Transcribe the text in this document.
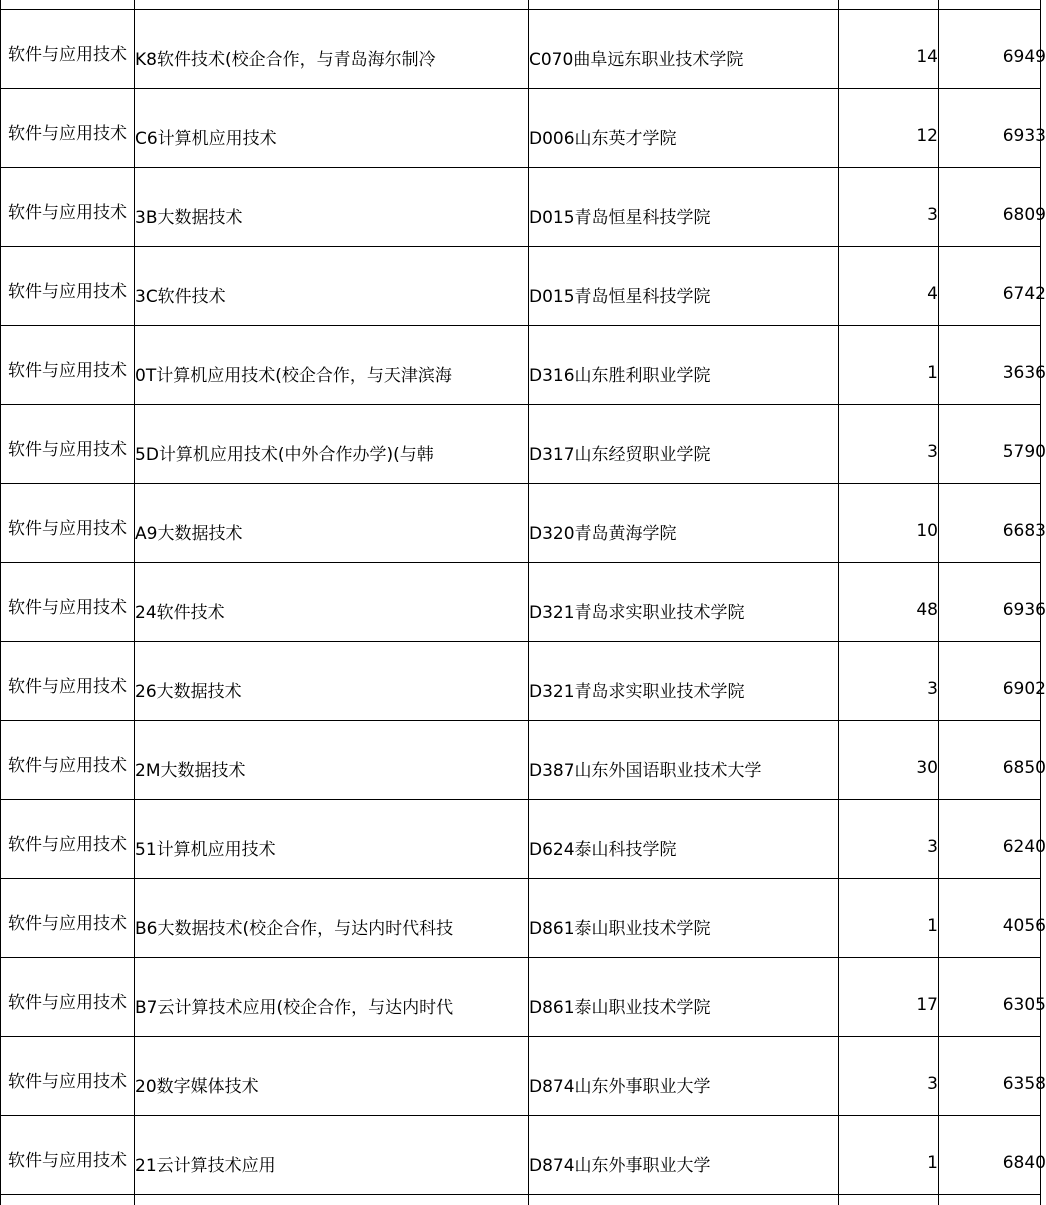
软件与应用技术	K8软件技术(校企合作，与青岛海尔制冷	C070曲阜远东职业技术学院	14	6949

软件与应用技术	C6计算机应用技术	D006山东英才学院	12	6933

软件与应用技术	3B大数据技术	D015青岛恒星科技学院	3	6809

软件与应用技术	3C软件技术	D015青岛恒星科技学院	4	6742

软件与应用技术	0T计算机应用技术(校企合作，与天津滨海	D316山东胜利职业学院	1	3636

软件与应用技术	5D计算机应用技术(中外合作办学)(与韩	D317山东经贸职业学院	3	5790

软件与应用技术	A9大数据技术	D320青岛黄海学院	10	6683

软件与应用技术	24软件技术	D321青岛求实职业技术学院	48	6936

软件与应用技术	26大数据技术	D321青岛求实职业技术学院	3	6902

软件与应用技术	2M大数据技术	D387山东外国语职业技术大学	30	6850

软件与应用技术	51计算机应用技术	D624泰山科技学院	3	6240

软件与应用技术	B6大数据技术(校企合作，与达内时代科技	D861泰山职业技术学院	1	4056

软件与应用技术	B7云计算技术应用(校企合作，与达内时代	D861泰山职业技术学院	17	6305

软件与应用技术	20数字媒体技术	D874山东外事职业大学	3	6358

软件与应用技术	21云计算技术应用	D874山东外事职业大学	1	6840
